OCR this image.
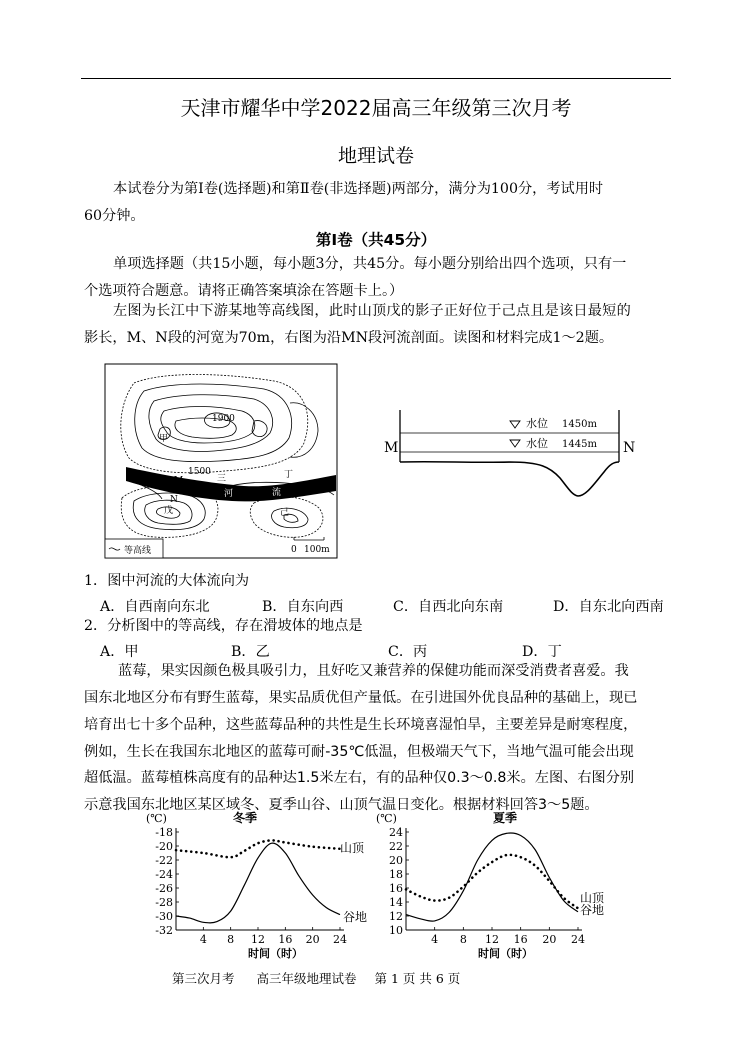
天津市耀华中学2022届高三年级第三次月考
地理试卷
本试卷分为第Ⅰ卷(选择题)和第Ⅱ卷(非选择题)两部分，满分为100分，考试用时
60分钟。
第Ⅰ卷（共45分）
单项选择题（共15小题，每小题3分，共45分。每小题分别给出四个选项，只有一
个选项符合题意。请将正确答案填涂在答题卡上。）
左图为长江中下游某地等高线图，此时山顶戊的影子正好位于己点且是该日最短的
影长，M、N段的河宽为70m，右图为沿MN段河流剖面。读图和材料完成1～2题。
1900
1500
M
N
甲
丁
戊	己
三
河	流
等高线	0 100m
水位 1450m
水位 1445m
M	N
1．图中河流的大体流向为
A．自西南向东北	B．自东向西	C．自西北向东南	D．自东北向西南
2．分析图中的等高线，存在滑坡体的地点是
A．甲	B．乙	C．丙	D．丁
蓝莓，果实因颜色极具吸引力，且好吃又兼营养的保健功能而深受消费者喜爱。我
国东北地区分布有野生蓝莓，果实品质优但产量低。在引进国外优良品种的基础上，现已
培育出七十多个品种，这些蓝莓品种的共性是生长环境喜湿怕旱，主要差异是耐寒程度，
例如，生长在我国东北地区的蓝莓可耐-35℃低温，但极端天气下，当地气温可能会出现
超低温。蓝莓植株高度有的品种达1.5米左右，有的品种仅0.3～0.8米。左图、右图分别
示意我国东北地区某区域冬、夏季山谷、山顶气温日变化。根据材料回答3～5题。
(℃)	冬季
时间（时）
-18
-20
-22
-24
-26
-28
-30
-32
4 8 12 16 20 24
山顶
谷地
(℃)	夏季
时间（时）
10
12
14
16
18
20
22
24
4 8 12 16 20 24
山顶
谷地
第三次月考 高三年级地理试卷 第 1 页 共 6 页
